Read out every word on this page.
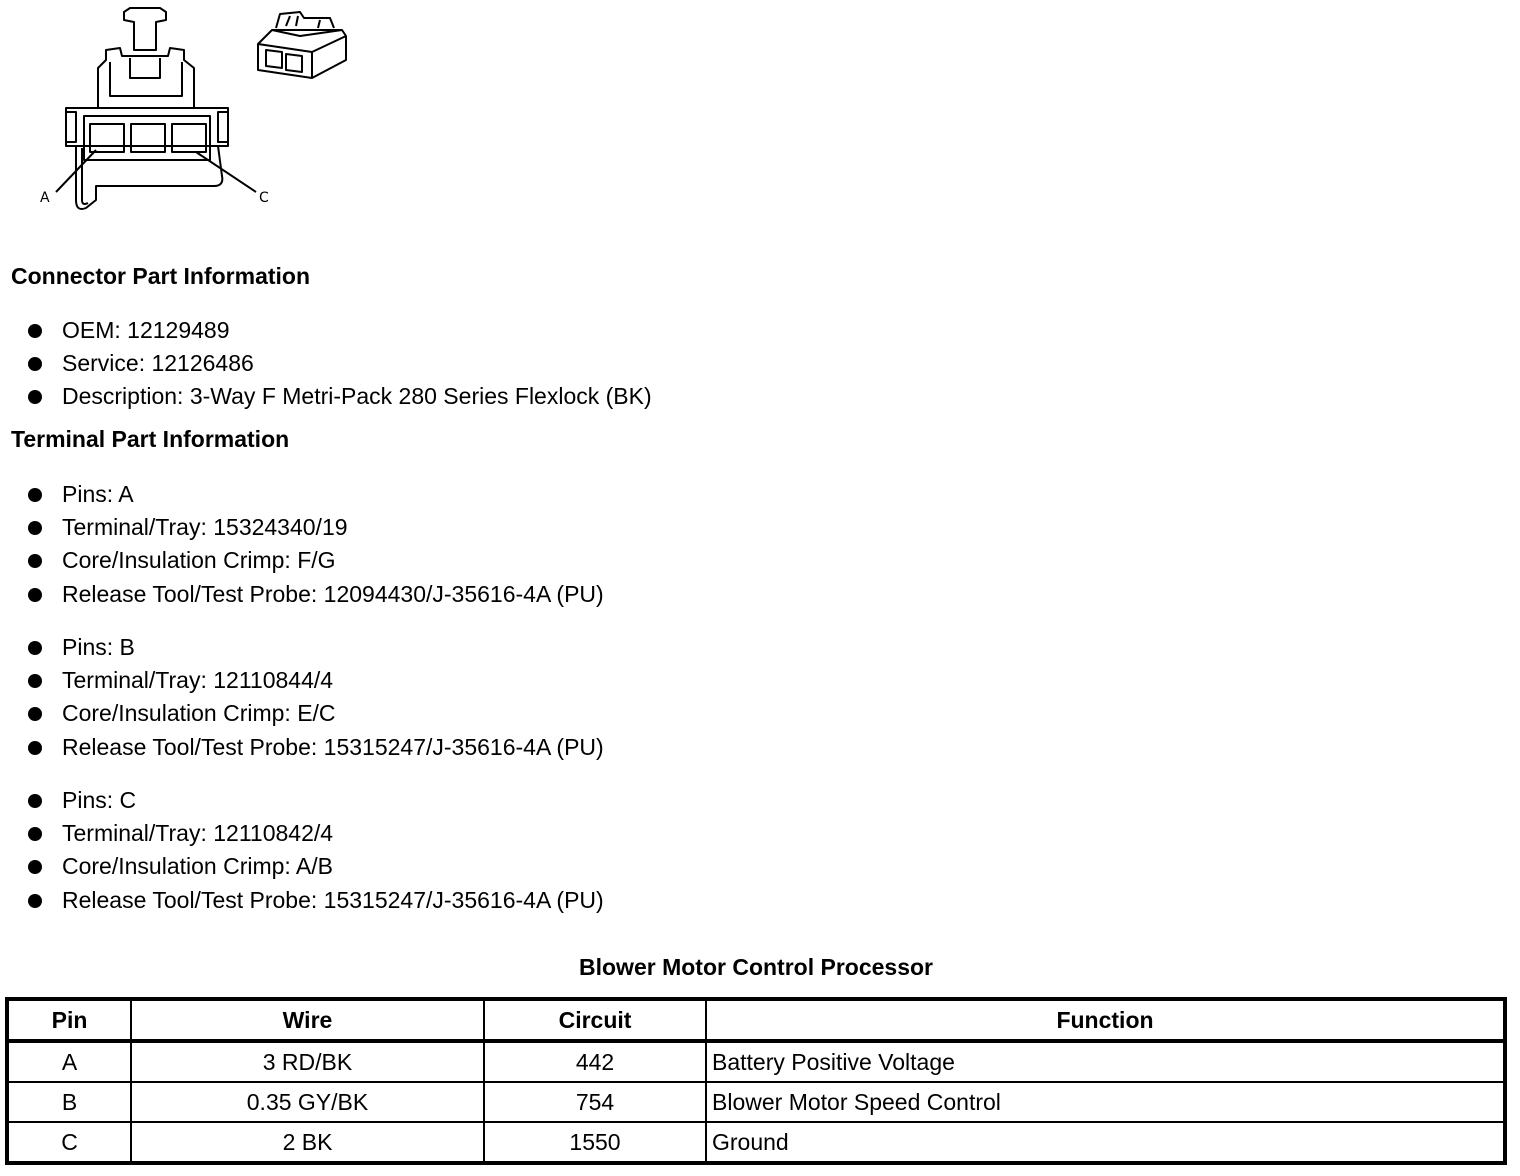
A	C
Connector Part Information
OEM: 12129489
Service: 12126486
Description: 3-Way F Metri-Pack 280 Series Flexlock (BK)
Terminal Part Information
Pins: A
Terminal/Tray: 15324340/19
Core/Insulation Crimp: F/G
Release Tool/Test Probe: 12094430/J-35616-4A (PU)
Pins: B
Terminal/Tray: 12110844/4
Core/Insulation Crimp: E/C
Release Tool/Test Probe: 15315247/J-35616-4A (PU)
Pins: C
Terminal/Tray: 12110842/4
Core/Insulation Crimp: A/B
Release Tool/Test Probe: 15315247/J-35616-4A (PU)
Blower Motor Control Processor
Pin	Wire	Circuit	Function
A	3 RD/BK	442	Battery Positive Voltage
B	0.35 GY/BK	754	Blower Motor Speed Control
C	2 BK	1550	Ground
